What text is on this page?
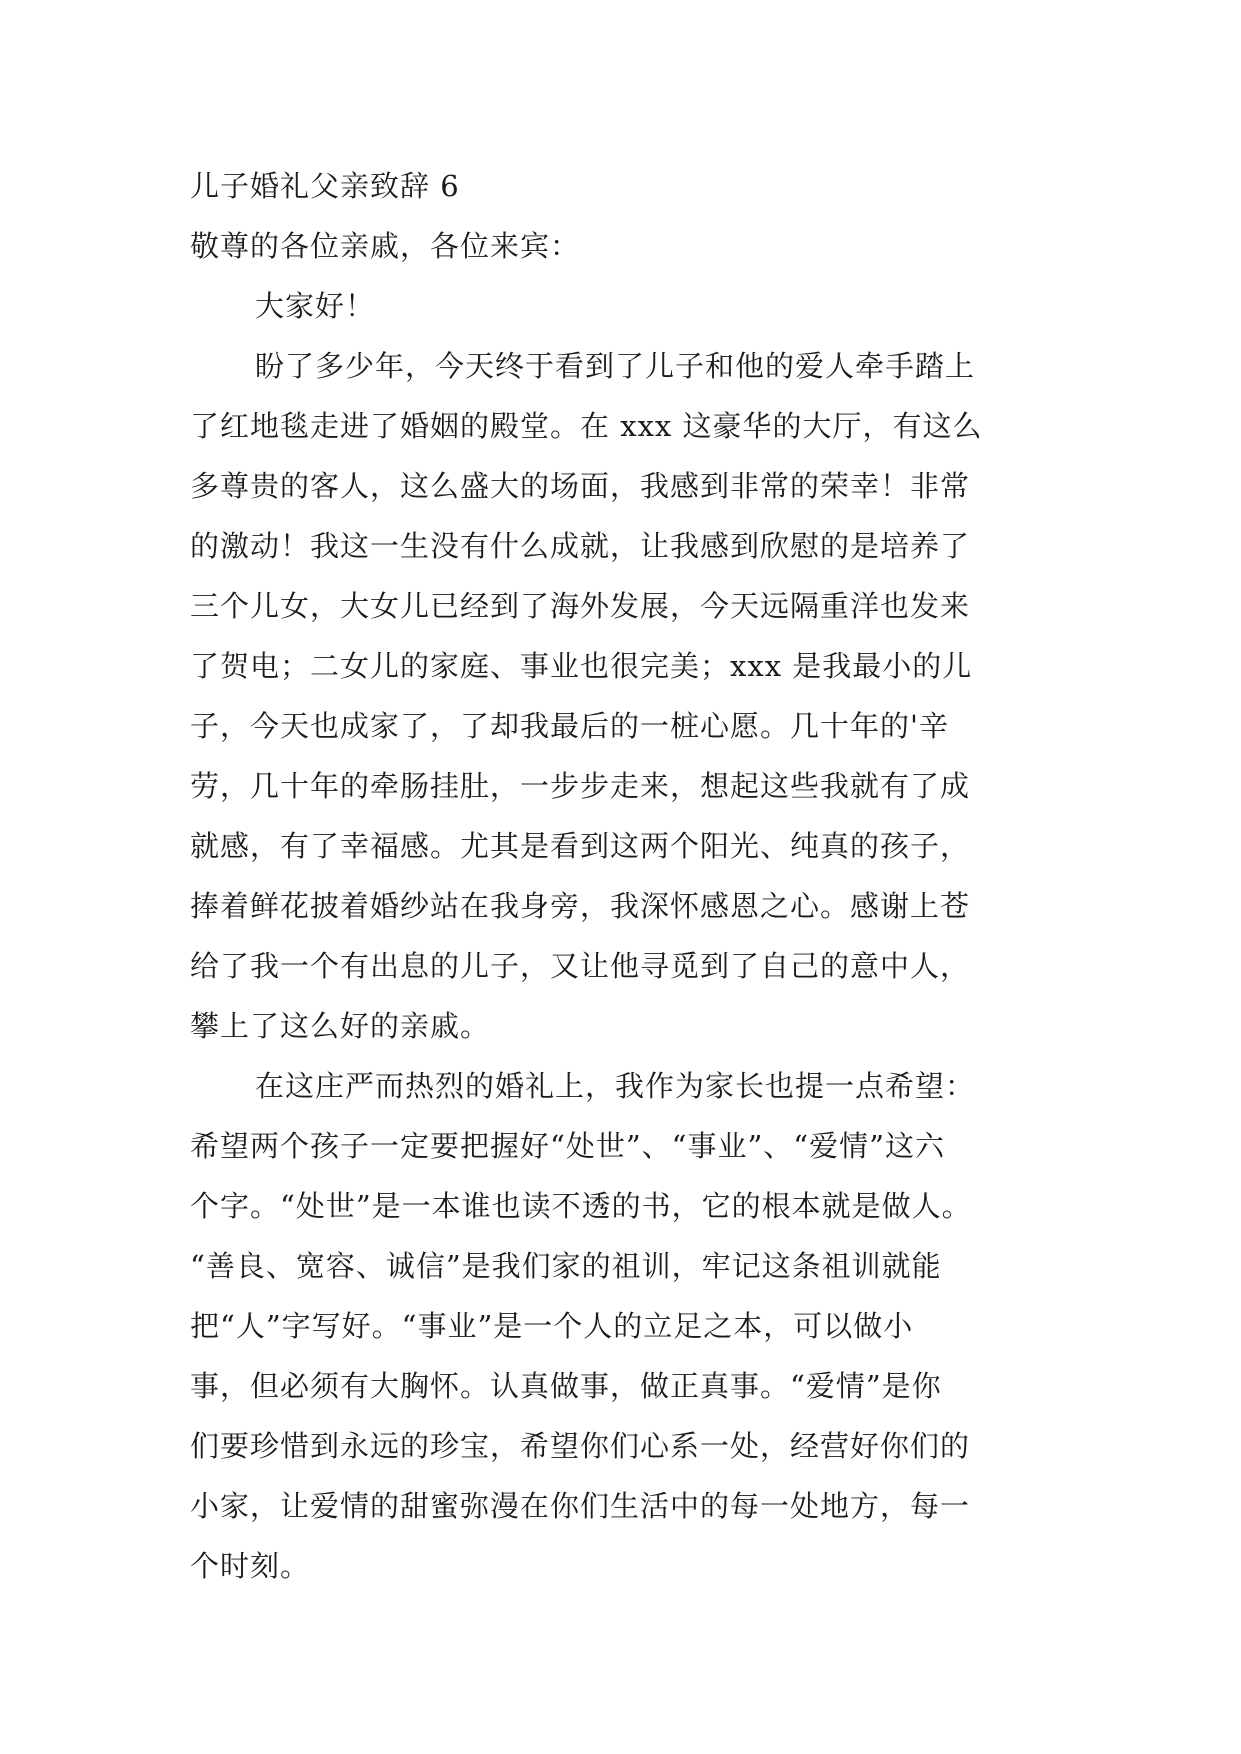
儿子婚礼父亲致辞 6

敬尊的各位亲戚，各位来宾：

大家好！

盼了多少年，今天终于看到了儿子和他的爱人牵手踏上

了红地毯走进了婚姻的殿堂。在 xxx 这豪华的大厅，有这么

多尊贵的客人，这么盛大的场面，我感到非常的荣幸！非常

的激动！我这一生没有什么成就，让我感到欣慰的是培养了

三个儿女，大女儿已经到了海外发展，今天远隔重洋也发来

了贺电；二女儿的家庭、事业也很完美；xxx 是我最小的儿

子，今天也成家了，了却我最后的一桩心愿。几十年的'辛

劳，几十年的牵肠挂肚，一步步走来，想起这些我就有了成

就感，有了幸福感。尤其是看到这两个阳光、纯真的孩子，

捧着鲜花披着婚纱站在我身旁，我深怀感恩之心。感谢上苍

给了我一个有出息的儿子，又让他寻觅到了自己的意中人，

攀上了这么好的亲戚。

在这庄严而热烈的婚礼上，我作为家长也提一点希望：

希望两个孩子一定要把握好“处世”、“事业”、“爱情”这六

个字。“处世”是一本谁也读不透的书，它的根本就是做人。

“善良、宽容、诚信”是我们家的祖训，牢记这条祖训就能

把“人”字写好。“事业”是一个人的立足之本，可以做小

事，但必须有大胸怀。认真做事，做正真事。“爱情”是你

们要珍惜到永远的珍宝，希望你们心系一处，经营好你们的

小家，让爱情的甜蜜弥漫在你们生活中的每一处地方，每一

个时刻。
